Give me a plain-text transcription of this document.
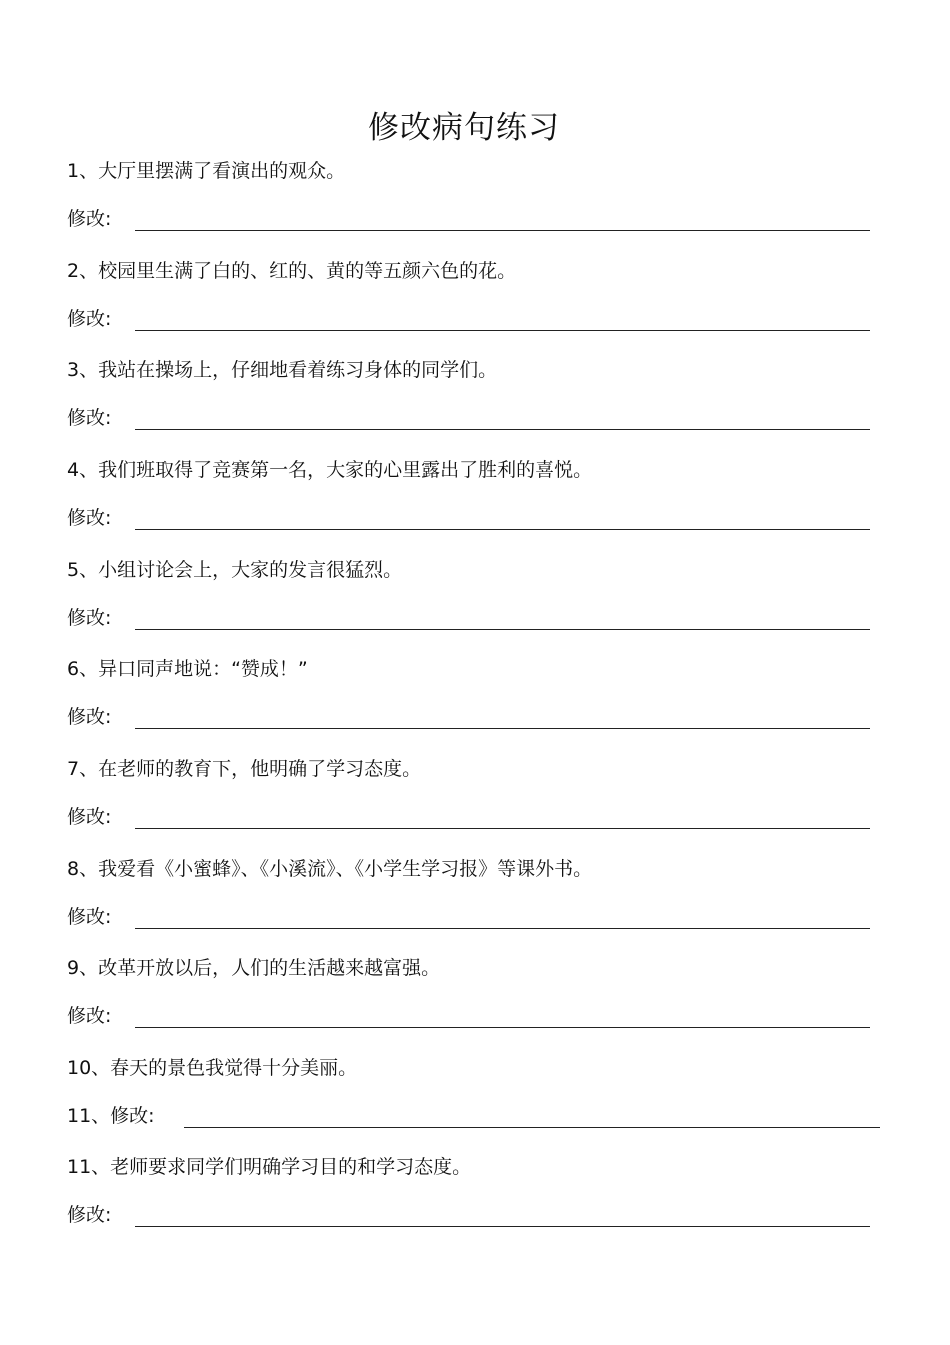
修改病句练习
1、大厅里摆满了看演出的观众。
修改:
2、校园里生满了白的、红的、黄的等五颜六色的花。
修改:
3、我站在操场上，仔细地看着练习身体的同学们。
修改:
4、我们班取得了竞赛第一名，大家的心里露出了胜利的喜悦。
修改:
5、小组讨论会上，大家的发言很猛烈。
修改:
6、异口同声地说：“赞成！”
修改:
7、在老师的教育下，他明确了学习态度。
修改:
8、我爱看《小蜜蜂》、《小溪流》、《小学生学习报》等课外书。
修改:
9、改革开放以后，人们的生活越来越富强。
修改:
10、春天的景色我觉得十分美丽。
11、修改:
11、老师要求同学们明确学习目的和学习态度。
修改:
